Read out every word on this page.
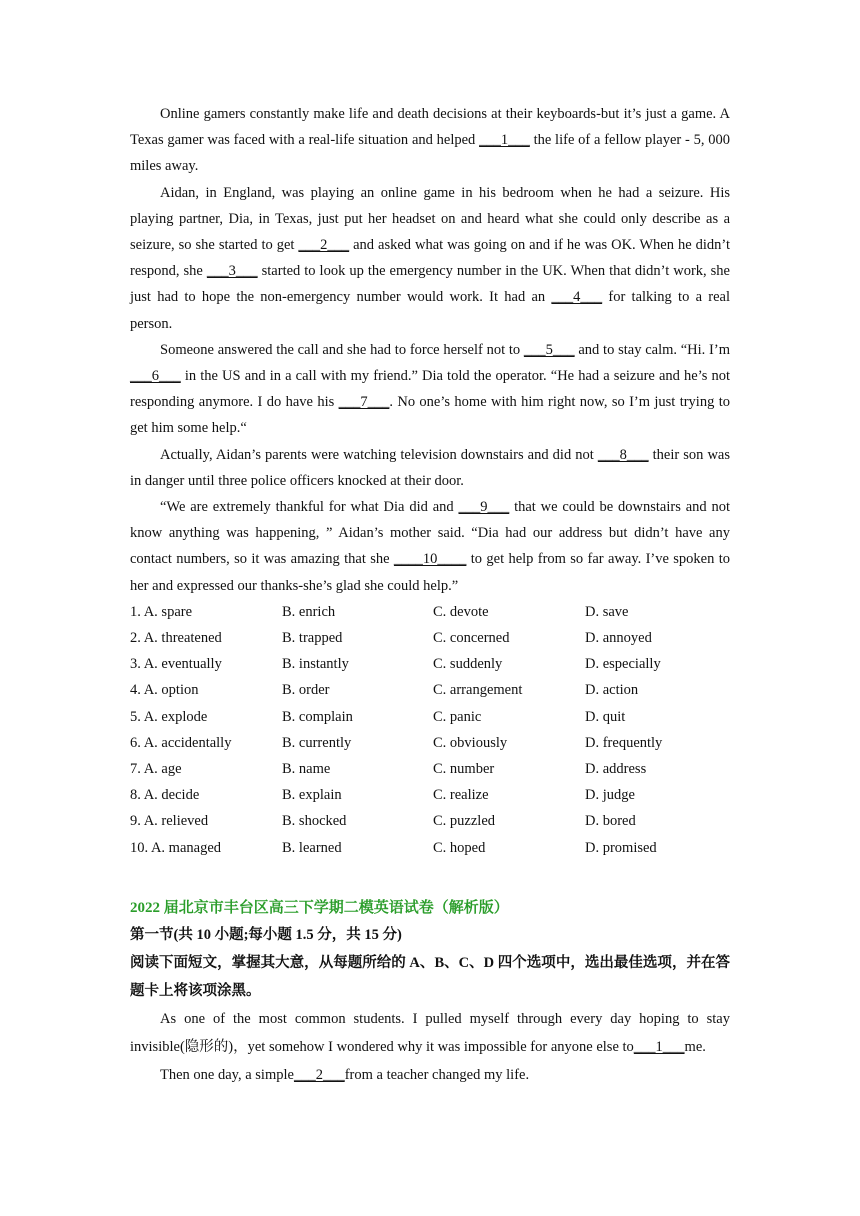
Online gamers constantly make life and death decisions at their keyboards-but it’s just a game. A Texas gamer was faced with a real-life situation and helped ___1___ the life of a fellow player - 5, 000 miles away.

Aidan, in England, was playing an online game in his bedroom when he had a seizure. His playing partner, Dia, in Texas, just put her headset on and heard what she could only describe as a seizure, so she started to get ___2___ and asked what was going on and if he was OK. When he didn’t respond, she ___3___ started to look up the emergency number in the UK. When that didn’t work, she just had to hope the non-emergency number would work. It had an ___4___ for talking to a real person.

Someone answered the call and she had to force herself not to ___5___ and to stay calm. “Hi. I’m ___6___ in the US and in a call with my friend.” Dia told the operator. “He had a seizure and he’s not responding anymore. I do have his ___7___. No one’s home with him right now, so I’m just trying to get him some help.“

Actually, Aidan’s parents were watching television downstairs and did not ___8___ their son was in danger until three police officers knocked at their door.

“We are extremely thankful for what Dia did and ___9___ that we could be downstairs and not know anything was happening, ” Aidan’s mother said. “Dia had our address but didn’t have any contact numbers, so it was amazing that she ____10____ to get help from so far away. I’ve spoken to her and expressed our thanks-she’s glad she could help.”

1. A. spare	B. enrich	C. devote	D. save
2. A. threatened	B. trapped	C. concerned	D. annoyed
3. A. eventually	B. instantly	C. suddenly	D. especially
4. A. option	B. order	C. arrangement	D. action
5. A. explode	B. complain	C. panic	D. quit
6. A. accidentally	B. currently	C. obviously	D. frequently
7. A. age	B. name	C. number	D. address
8. A. decide	B. explain	C. realize	D. judge
9. A. relieved	B. shocked	C. puzzled	D. bored
10. A. managed	B. learned	C. hoped	D. promised
2022 届北京市丰台区高三下学期二模英语试卷（解析版）
第一节(共 10 小题;每小题 1.5 分，共 15 分)
阅读下面短文，掌握其大意，从每题所给的 A、B、C、D 四个选项中，选出最佳选项，并在答题卡上将该项涂黑。

As one of the most common students. I pulled myself through every day hoping to stay invisible(隐形的)，yet somehow I wondered why it was impossible for anyone else to___1___me.

Then one day, a simple___2___from a teacher changed my life.
